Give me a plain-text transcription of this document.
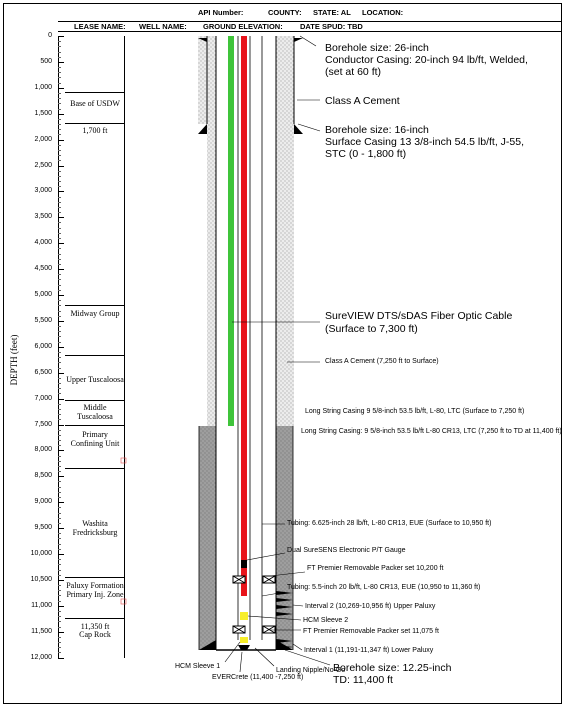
API Number:	COUNTY: STATE: AL LOCATION:
LEASE NAME: WELL NAME: GROUND ELEVATION: DATE SPUD: TBD
DEPTH (feet)
0
500
1,000
1,500
2,000
2,500
3,000
3,500
4,000
4,500
5,000
5,500
6,000
6,500
7,000
7,500
8,000
8,500
9,000
9,500
10,000
10,500
11,000
11,500
12,000
Base of USDW
1,700 ft
Midway Group
Upper Tuscaloosa
Middle Tuscaloosa
Primary Confining Unit
Washita Fredricksburg
Paluxy Formation Primary Inj. Zone
11,350 ft
Cap Rock
Borehole size: 26-inch
Conductor Casing: 20-inch 94 lb/ft, Welded,
(set at 60 ft)
Class A Cement
Borehole size: 16-inch
Surface Casing 13 3/8-inch 54.5 lb/ft, J-55,
STC (0 - 1,800 ft)
SureVIEW DTS/sDAS Fiber Optic Cable
(Surface to 7,300 ft)
Class A Cement (7,250 ft to Surface)
Long String Casing 9 5/8-inch 53.5 lb/ft, L-80, LTC (Surface to 7,250 ft)
Long String Casing: 9 5/8-inch 53.5 lb/ft L-80 CR13, LTC (7,250 ft to TD at 11,400 ft)
Tubing: 6.625-inch 28 lb/ft, L-80 CR13, EUE (Surface to 10,950 ft)
Dual SureSENS Electronic P/T Gauge
FT Premier Removable Packer set 10,200 ft
Tubing: 5.5-inch 20 lb/ft, L-80 CR13, EUE (10,950 to 11,360 ft)
Interval 2 (10,269-10,956 ft) Upper Paluxy
HCM Sleeve 2
FT Premier Removable Packer set 11,075 ft
Interval 1 (11,191-11,347 ft) Lower Paluxy
HCM Sleeve 1
EVERCrete (11,400 -7,250 ft)
Landing Nipple/No-Go
Borehole size: 12.25-inch
TD: 11,400 ft
